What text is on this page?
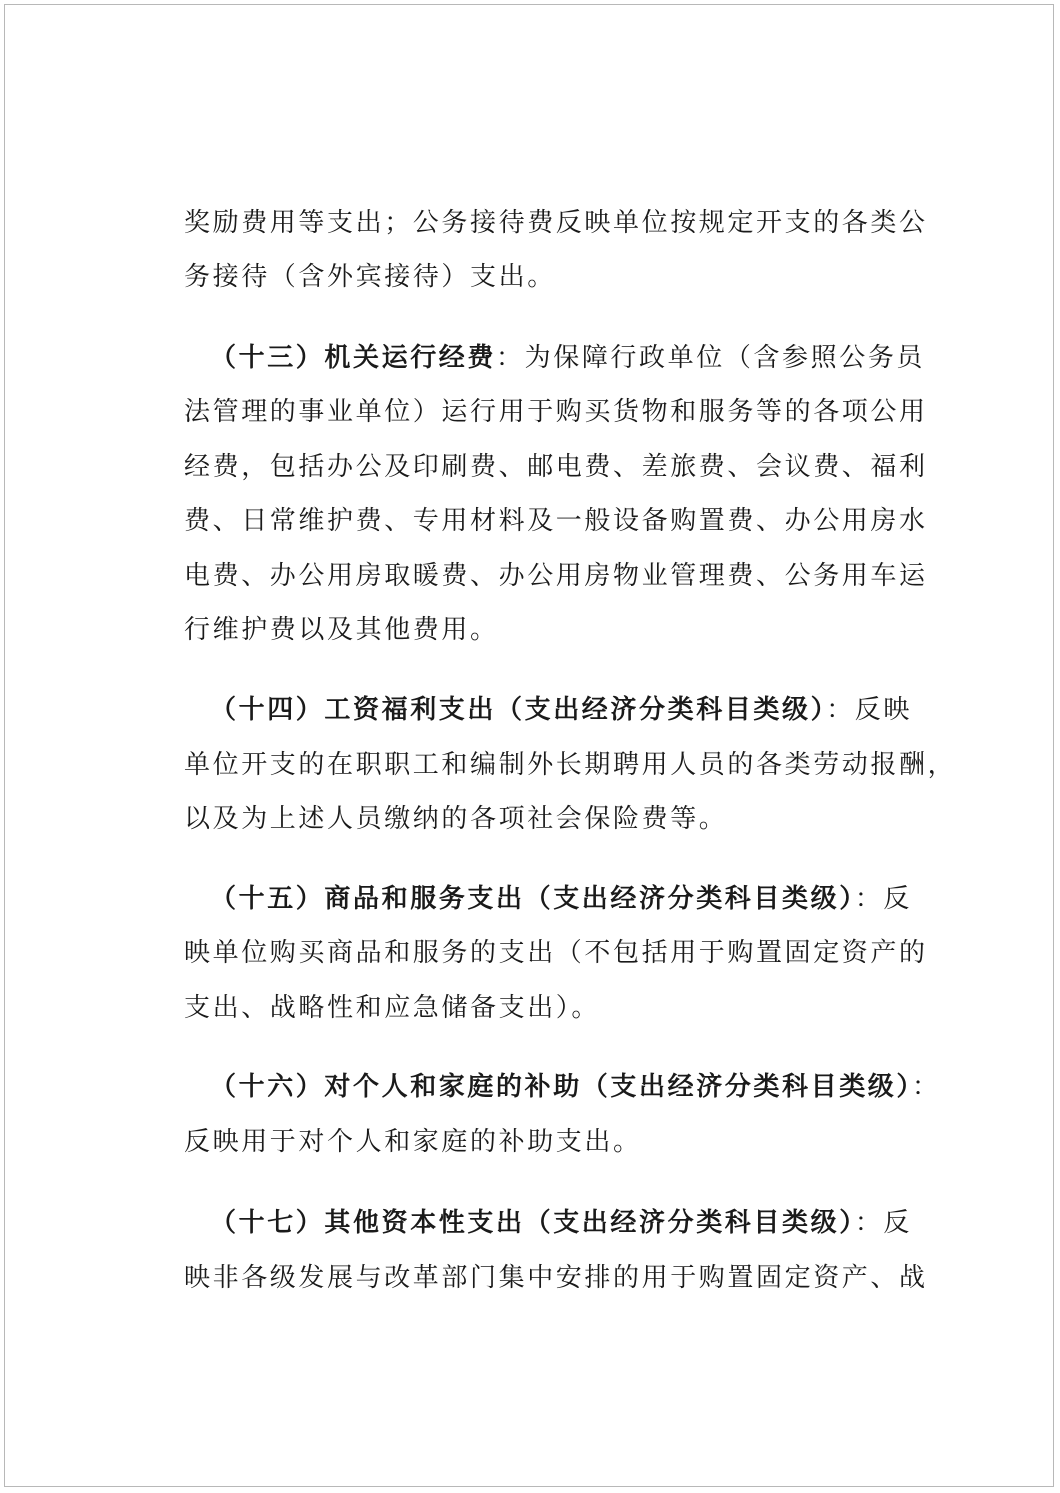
奖励费用等支出；公务接待费反映单位按规定开支的各类公
务接待（含外宾接待）支出。
（十三）机关运行经费：为保障行政单位（含参照公务员
法管理的事业单位）运行用于购买货物和服务等的各项公用
经费，包括办公及印刷费、邮电费、差旅费、会议费、福利
费、日常维护费、专用材料及一般设备购置费、办公用房水
电费、办公用房取暖费、办公用房物业管理费、公务用车运
行维护费以及其他费用。
（十四）工资福利支出（支出经济分类科目类级）：反映
单位开支的在职职工和编制外长期聘用人员的各类劳动报酬，
以及为上述人员缴纳的各项社会保险费等。
（十五）商品和服务支出（支出经济分类科目类级）：反
映单位购买商品和服务的支出（不包括用于购置固定资产的
支出、战略性和应急储备支出）。
（十六）对个人和家庭的补助（支出经济分类科目类级）：
反映用于对个人和家庭的补助支出。
（十七）其他资本性支出（支出经济分类科目类级）：反
映非各级发展与改革部门集中安排的用于购置固定资产、战
